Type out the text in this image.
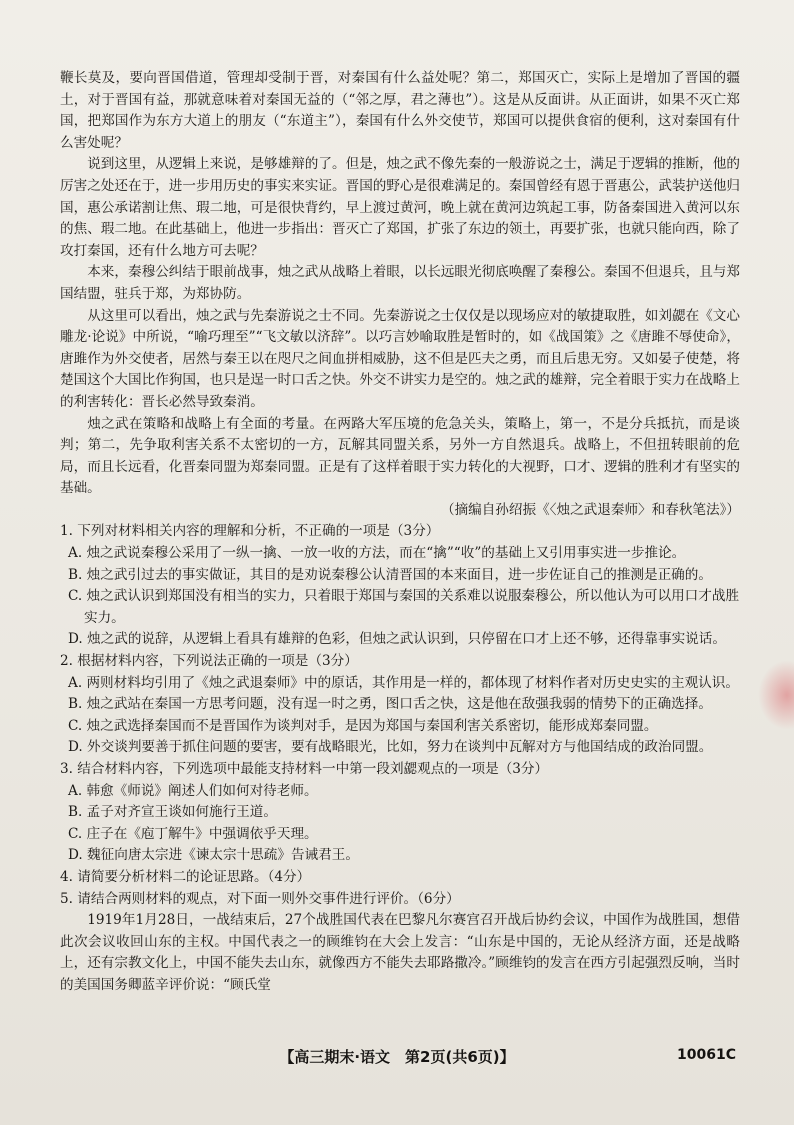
鞭长莫及，要向晋国借道，管理却受制于晋，对秦国有什么益处呢？第二，郑国灭亡，实际上是增加了晋国的疆土，对于晋国有益，那就意味着对秦国无益的（“邻之厚，君之薄也”）。这是从反面讲。从正面讲，如果不灭亡郑国，把郑国作为东方大道上的朋友（“东道主”），秦国有什么外交使节，郑国可以提供食宿的便利，这对秦国有什么害处呢？

说到这里，从逻辑上来说，是够雄辩的了。但是，烛之武不像先秦的一般游说之士，满足于逻辑的推断，他的厉害之处还在于，进一步用历史的事实来实证。晋国的野心是很难满足的。秦国曾经有恩于晋惠公，武装护送他归国，惠公承诺割让焦、瑕二地，可是很快背约，早上渡过黄河，晚上就在黄河边筑起工事，防备秦国进入黄河以东的焦、瑕二地。在此基础上，他进一步指出：晋灭亡了郑国，扩张了东边的领土，再要扩张，也就只能向西，除了攻打秦国，还有什么地方可去呢？

本来，秦穆公纠结于眼前战事，烛之武从战略上着眼，以长远眼光彻底唤醒了秦穆公。秦国不但退兵，且与郑国结盟，驻兵于郑，为郑协防。

从这里可以看出，烛之武与先秦游说之士不同。先秦游说之士仅仅是以现场应对的敏捷取胜，如刘勰在《文心雕龙·论说》中所说，“喻巧理至”“飞文敏以济辞”。以巧言妙喻取胜是暂时的，如《战国策》之《唐雎不辱使命》，唐雎作为外交使者，居然与秦王以在咫尺之间血拼相威胁，这不但是匹夫之勇，而且后患无穷。又如晏子使楚，将楚国这个大国比作狗国，也只是逞一时口舌之快。外交不讲实力是空的。烛之武的雄辩，完全着眼于实力在战略上的利害转化：晋长必然导致秦消。

烛之武在策略和战略上有全面的考量。在两路大军压境的危急关头，策略上，第一，不是分兵抵抗，而是谈判；第二，先争取利害关系不太密切的一方，瓦解其同盟关系，另外一方自然退兵。战略上，不但扭转眼前的危局，而且长远看，化晋秦同盟为郑秦同盟。正是有了这样着眼于实力转化的大视野，口才、逻辑的胜利才有坚实的基础。

（摘编自孙绍振《〈烛之武退秦师〉和春秋笔法》）

1. 下列对材料相关内容的理解和分析，不正确的一项是（3分）

A. 烛之武说秦穆公采用了一纵一擒、一放一收的方法，而在“擒”“收”的基础上又引用事实进一步推论。

B. 烛之武引过去的事实做证，其目的是劝说秦穆公认清晋国的本来面目，进一步佐证自己的推测是正确的。

C. 烛之武认识到郑国没有相当的实力，只着眼于郑国与秦国的关系难以说服秦穆公，所以他认为可以用口才战胜实力。

D. 烛之武的说辞，从逻辑上看具有雄辩的色彩，但烛之武认识到，只停留在口才上还不够，还得靠事实说话。

2. 根据材料内容，下列说法正确的一项是（3分）

A. 两则材料均引用了《烛之武退秦师》中的原话，其作用是一样的，都体现了材料作者对历史史实的主观认识。

B. 烛之武站在秦国一方思考问题，没有逞一时之勇，图口舌之快，这是他在敌强我弱的情势下的正确选择。

C. 烛之武选择秦国而不是晋国作为谈判对手，是因为郑国与秦国利害关系密切，能形成郑秦同盟。

D. 外交谈判要善于抓住问题的要害，要有战略眼光，比如，努力在谈判中瓦解对方与他国结成的政治同盟。

3. 结合材料内容，下列选项中最能支持材料一中第一段刘勰观点的一项是（3分）

A. 韩愈《师说》阐述人们如何对待老师。

B. 孟子对齐宣王谈如何施行王道。

C. 庄子在《庖丁解牛》中强调依乎天理。

D. 魏征向唐太宗进《谏太宗十思疏》告诫君王。

4. 请简要分析材料二的论证思路。（4分）

5. 请结合两则材料的观点，对下面一则外交事件进行评价。（6分）

1919年1月28日，一战结束后，27个战胜国代表在巴黎凡尔赛宫召开战后协约会议，中国作为战胜国，想借此次会议收回山东的主权。中国代表之一的顾维钧在大会上发言：“山东是中国的，无论从经济方面，还是战略上，还有宗教文化上，中国不能失去山东，就像西方不能失去耶路撒冷。”顾维钧的发言在西方引起强烈反响，当时的美国国务卿蓝辛评价说：“顾氏堂

【高三期末·语文　第2页(共6页)】	10061C
